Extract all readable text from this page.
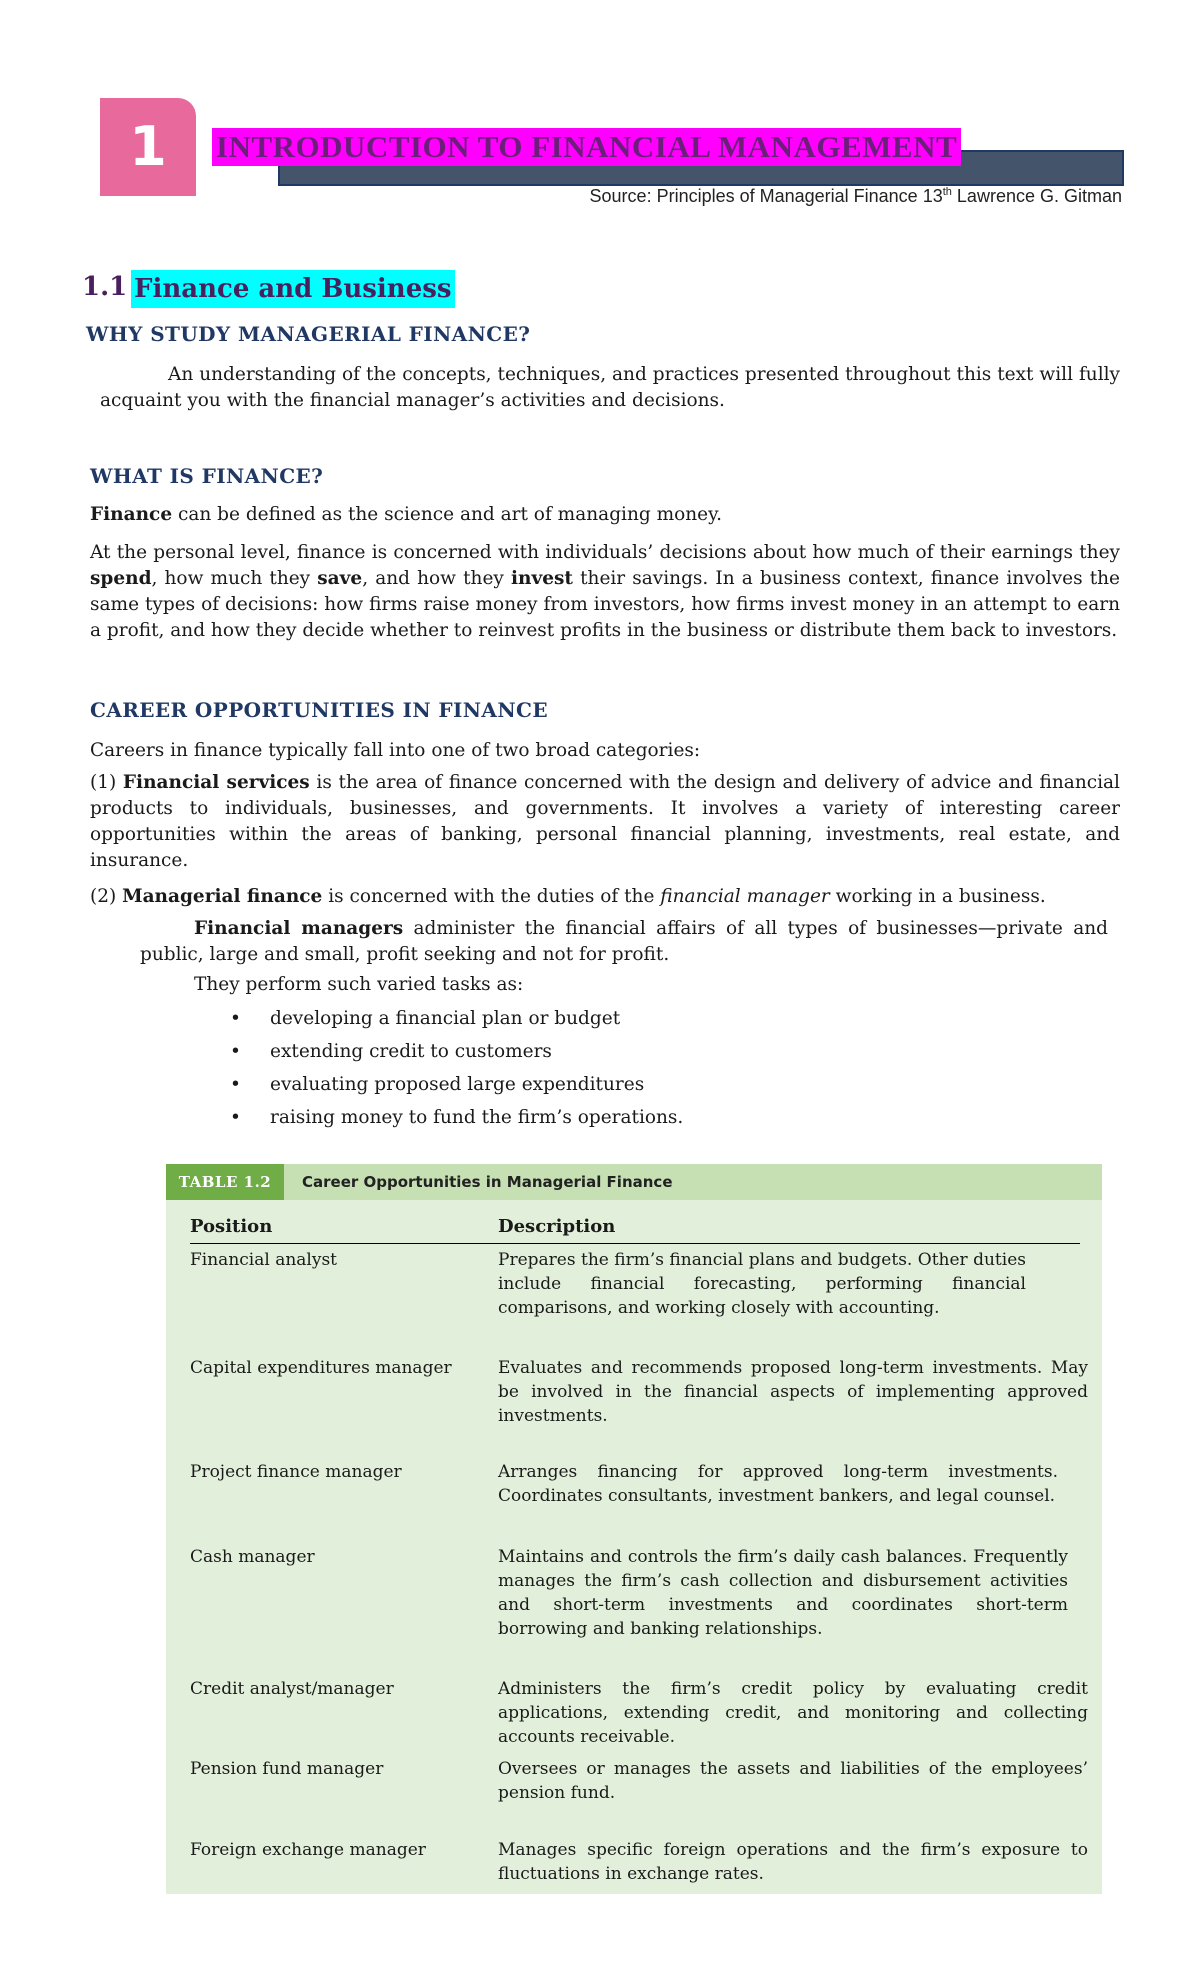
1	INTRODUCTION TO FINANCIAL MANAGEMENT
Source: Principles of Managerial Finance 13th Lawrence G. Gitman
1.1 Finance and Business
WHY STUDY MANAGERIAL FINANCE?
An understanding of the concepts, techniques, and practices presented throughout this text will fully acquaint you with the financial manager’s activities and decisions.
WHAT IS FINANCE?
Finance can be defined as the science and art of managing money.
At the personal level, finance is concerned with individuals’ decisions about how much of their earnings they spend, how much they save, and how they invest their savings. In a business context, finance involves the same types of decisions: how firms raise money from investors, how firms invest money in an attempt to earn a profit, and how they decide whether to reinvest profits in the business or distribute them back to investors.
CAREER OPPORTUNITIES IN FINANCE
Careers in finance typically fall into one of two broad categories:
(1) Financial services is the area of finance concerned with the design and delivery of advice and financial products to individuals, businesses, and governments. It involves a variety of interesting career opportunities within the areas of banking, personal financial planning, investments, real estate, and insurance.
(2) Managerial finance is concerned with the duties of the financial manager working in a business.
Financial managers administer the financial affairs of all types of businesses—private and public, large and small, profit seeking and not for profit.
They perform such varied tasks as:
•	developing a financial plan or budget
•	extending credit to customers
•	evaluating proposed large expenditures
•	raising money to fund the firm’s operations.
TABLE 1.2	Career Opportunities in Managerial Finance
Position	Description
Financial analyst	Prepares the firm’s financial plans and budgets. Other duties include financial forecasting, performing financial comparisons, and working closely with accounting.
Capital expenditures manager	Evaluates and recommends proposed long-term investments. May be involved in the financial aspects of implementing approved investments.
Project finance manager	Arranges financing for approved long-term investments. Coordinates consultants, investment bankers, and legal counsel.
Cash manager	Maintains and controls the firm’s daily cash balances. Frequently manages the firm’s cash collection and disbursement activities and short-term investments and coordinates short-term borrowing and banking relationships.
Credit analyst/manager	Administers the firm’s credit policy by evaluating credit applications, extending credit, and monitoring and collecting accounts receivable.
Pension fund manager	Oversees or manages the assets and liabilities of the employees’ pension fund.
Foreign exchange manager	Manages specific foreign operations and the firm’s exposure to fluctuations in exchange rates.
